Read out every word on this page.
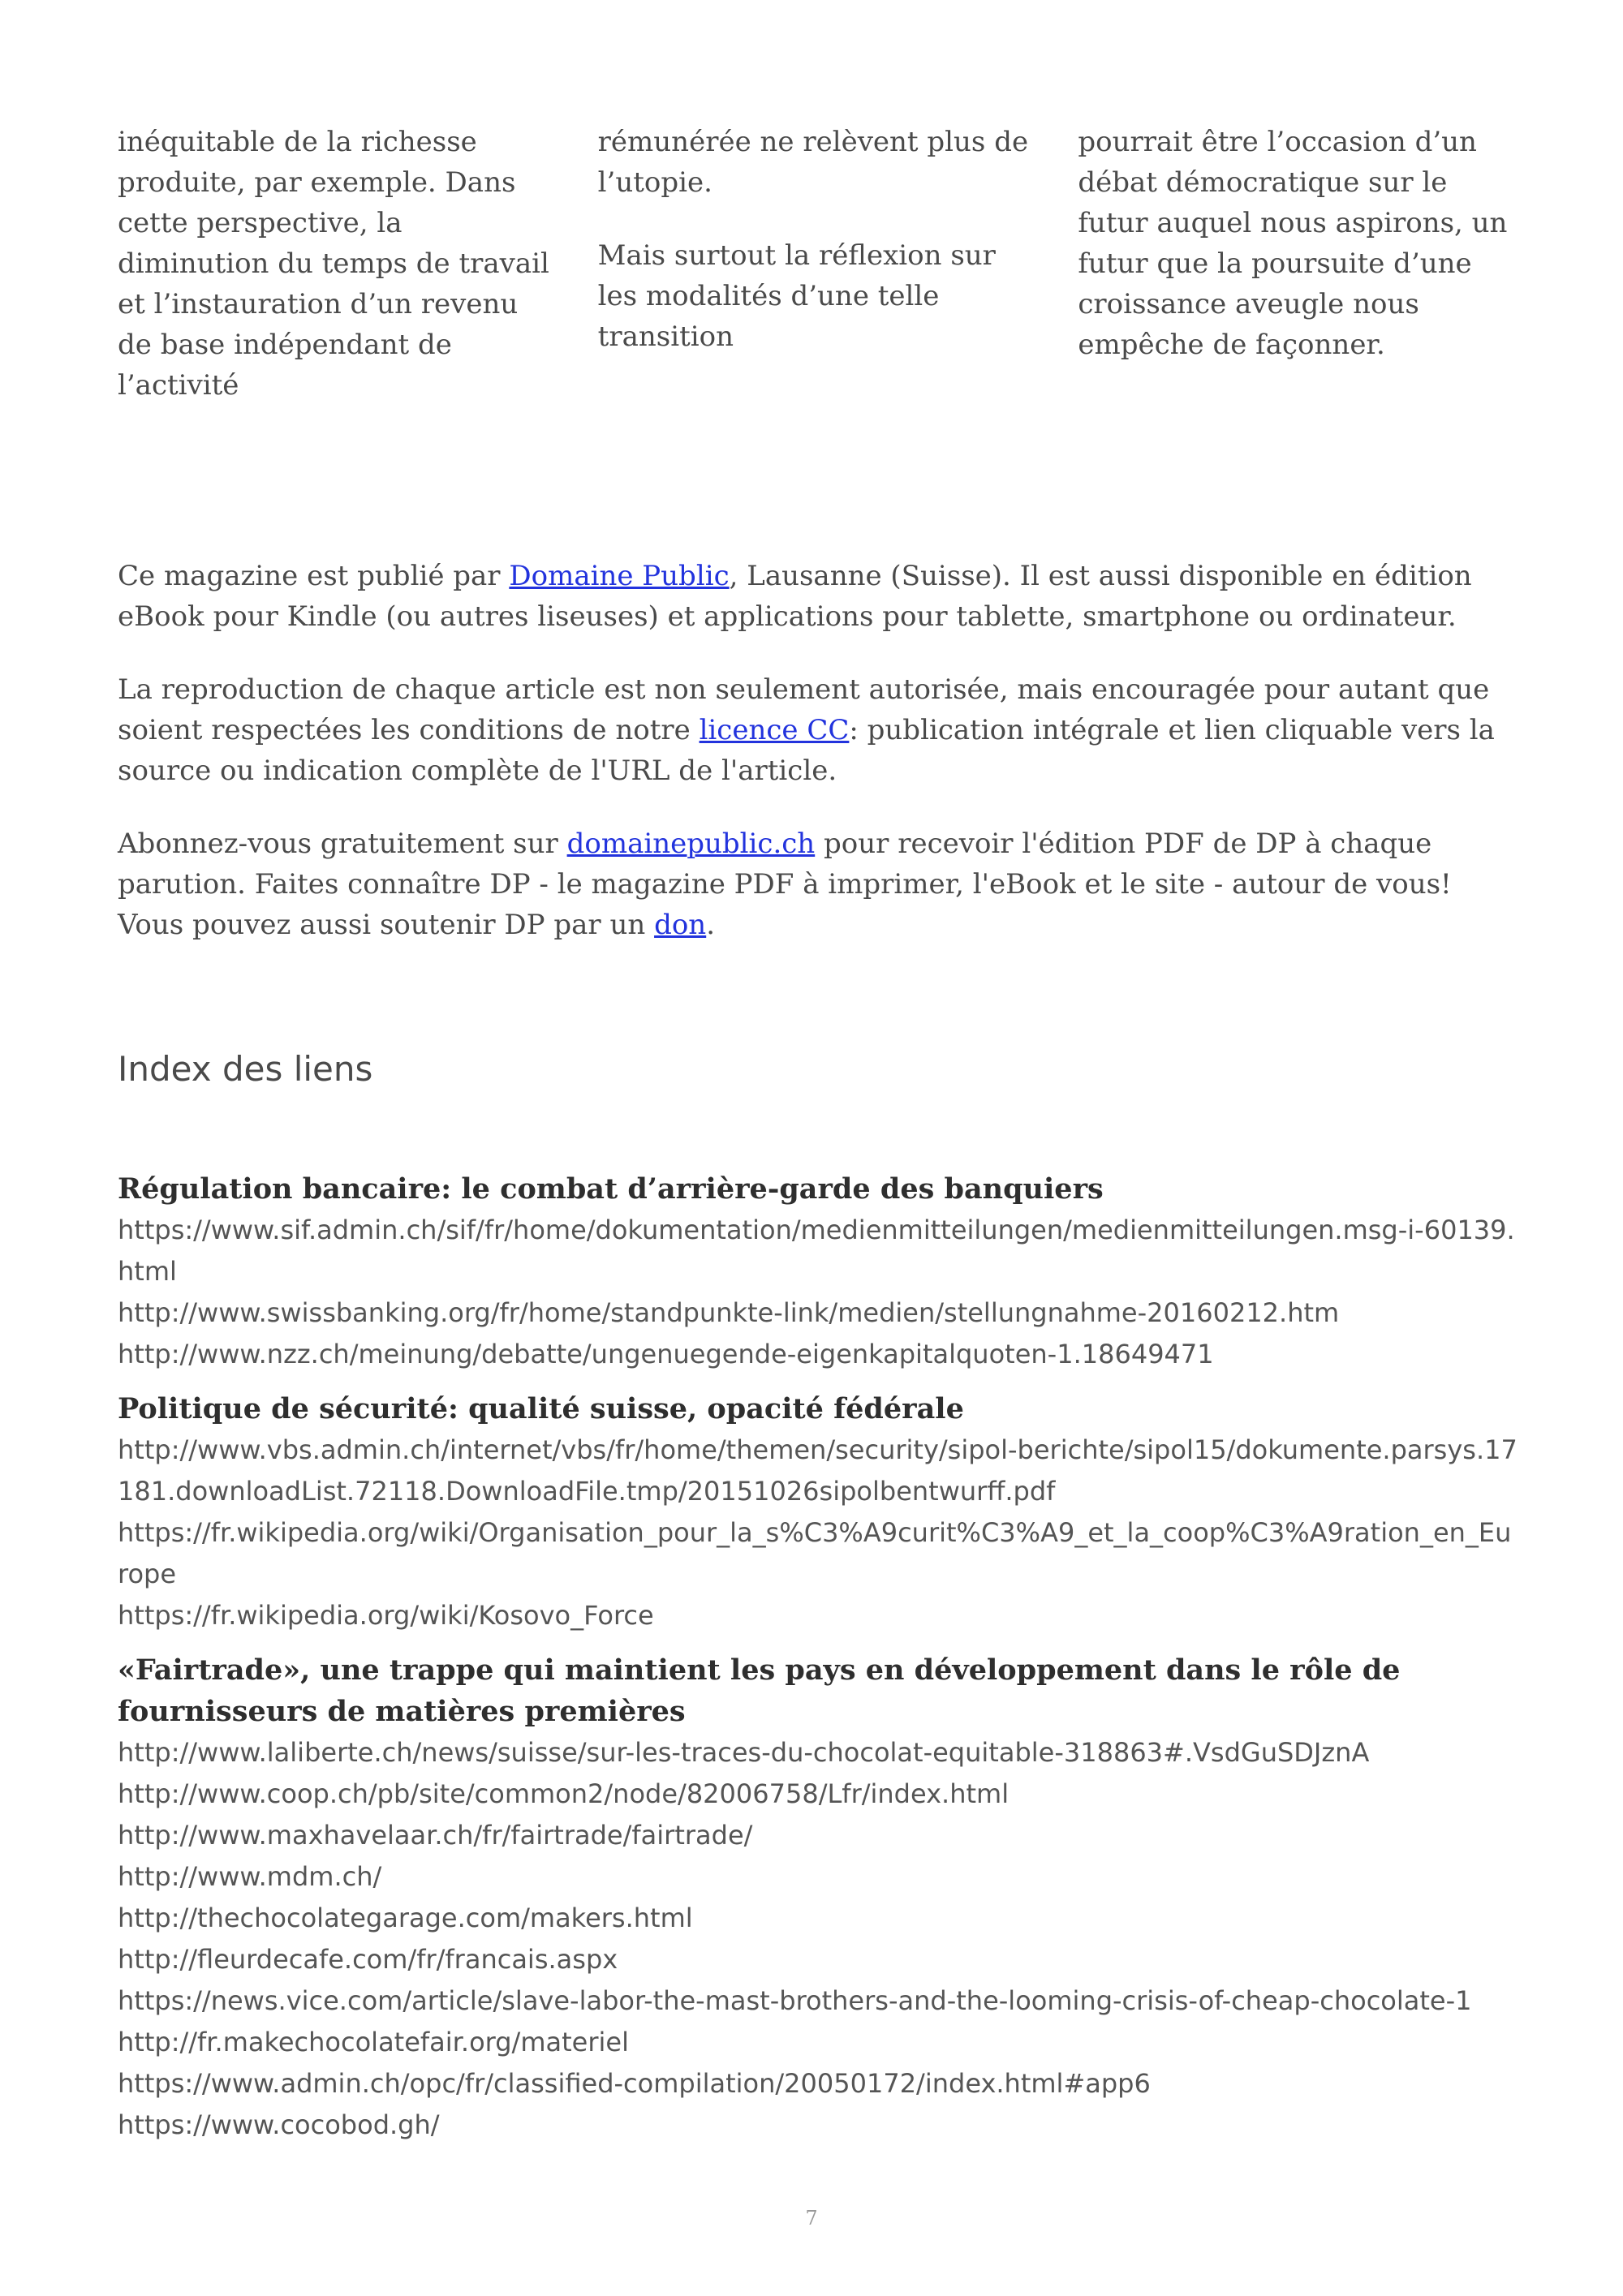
inéquitable de la richesse produite, par exemple. Dans cette perspective, la diminution du temps de travail et l’instauration d’un revenu de base indépendant de l’activité

rémunérée ne relèvent plus de l’utopie.

Mais surtout la réflexion sur les modalités d’une telle transition

pourrait être l’occasion d’un débat démocratique sur le futur auquel nous aspirons, un futur que la poursuite d’une croissance aveugle nous empêche de façonner.

Ce magazine est publié par Domaine Public, Lausanne (Suisse). Il est aussi disponible en édition eBook pour Kindle (ou autres liseuses) et applications pour tablette, smartphone ou ordinateur.

La reproduction de chaque article est non seulement autorisée, mais encouragée pour autant que soient respectées les conditions de notre licence CC: publication intégrale et lien cliquable vers la source ou indication complète de l'URL de l'article.

Abonnez-vous gratuitement sur domainepublic.ch pour recevoir l'édition PDF de DP à chaque parution. Faites connaître DP - le magazine PDF à imprimer, l'eBook et le site - autour de vous! Vous pouvez aussi soutenir DP par un don.

Index des liens

Régulation bancaire: le combat d’arrière-garde des banquiers

https://www.sif.admin.ch/sif/fr/home/dokumentation/medienmitteilungen/medienmitteilungen.msg-i-60139.html

http://www.swissbanking.org/fr/home/standpunkte-link/medien/stellungnahme-20160212.htm

http://www.nzz.ch/meinung/debatte/ungenuegende-eigenkapitalquoten-1.18649471

Politique de sécurité: qualité suisse, opacité fédérale

http://www.vbs.admin.ch/internet/vbs/fr/home/themen/security/sipol-berichte/sipol15/dokumente.parsys.17181.downloadList.72118.DownloadFile.tmp/20151026sipolbentwurff.pdf

https://fr.wikipedia.org/wiki/Organisation_pour_la_s%C3%A9curit%C3%A9_et_la_coop%C3%A9ration_en_Europe

https://fr.wikipedia.org/wiki/Kosovo_Force

«Fairtrade», une trappe qui maintient les pays en développement dans le rôle de fournisseurs de matières premières

http://www.laliberte.ch/news/suisse/sur-les-traces-du-chocolat-equitable-318863#.VsdGuSDJznA

http://www.coop.ch/pb/site/common2/node/82006758/Lfr/index.html

http://www.maxhavelaar.ch/fr/fairtrade/fairtrade/

http://www.mdm.ch/

http://thechocolategarage.com/makers.html

http://fleurdecafe.com/fr/francais.aspx

https://news.vice.com/article/slave-labor-the-mast-brothers-and-the-looming-crisis-of-cheap-chocolate-1

http://fr.makechocolatefair.org/materiel

https://www.admin.ch/opc/fr/classified-compilation/20050172/index.html#app6

https://www.cocobod.gh/

7
